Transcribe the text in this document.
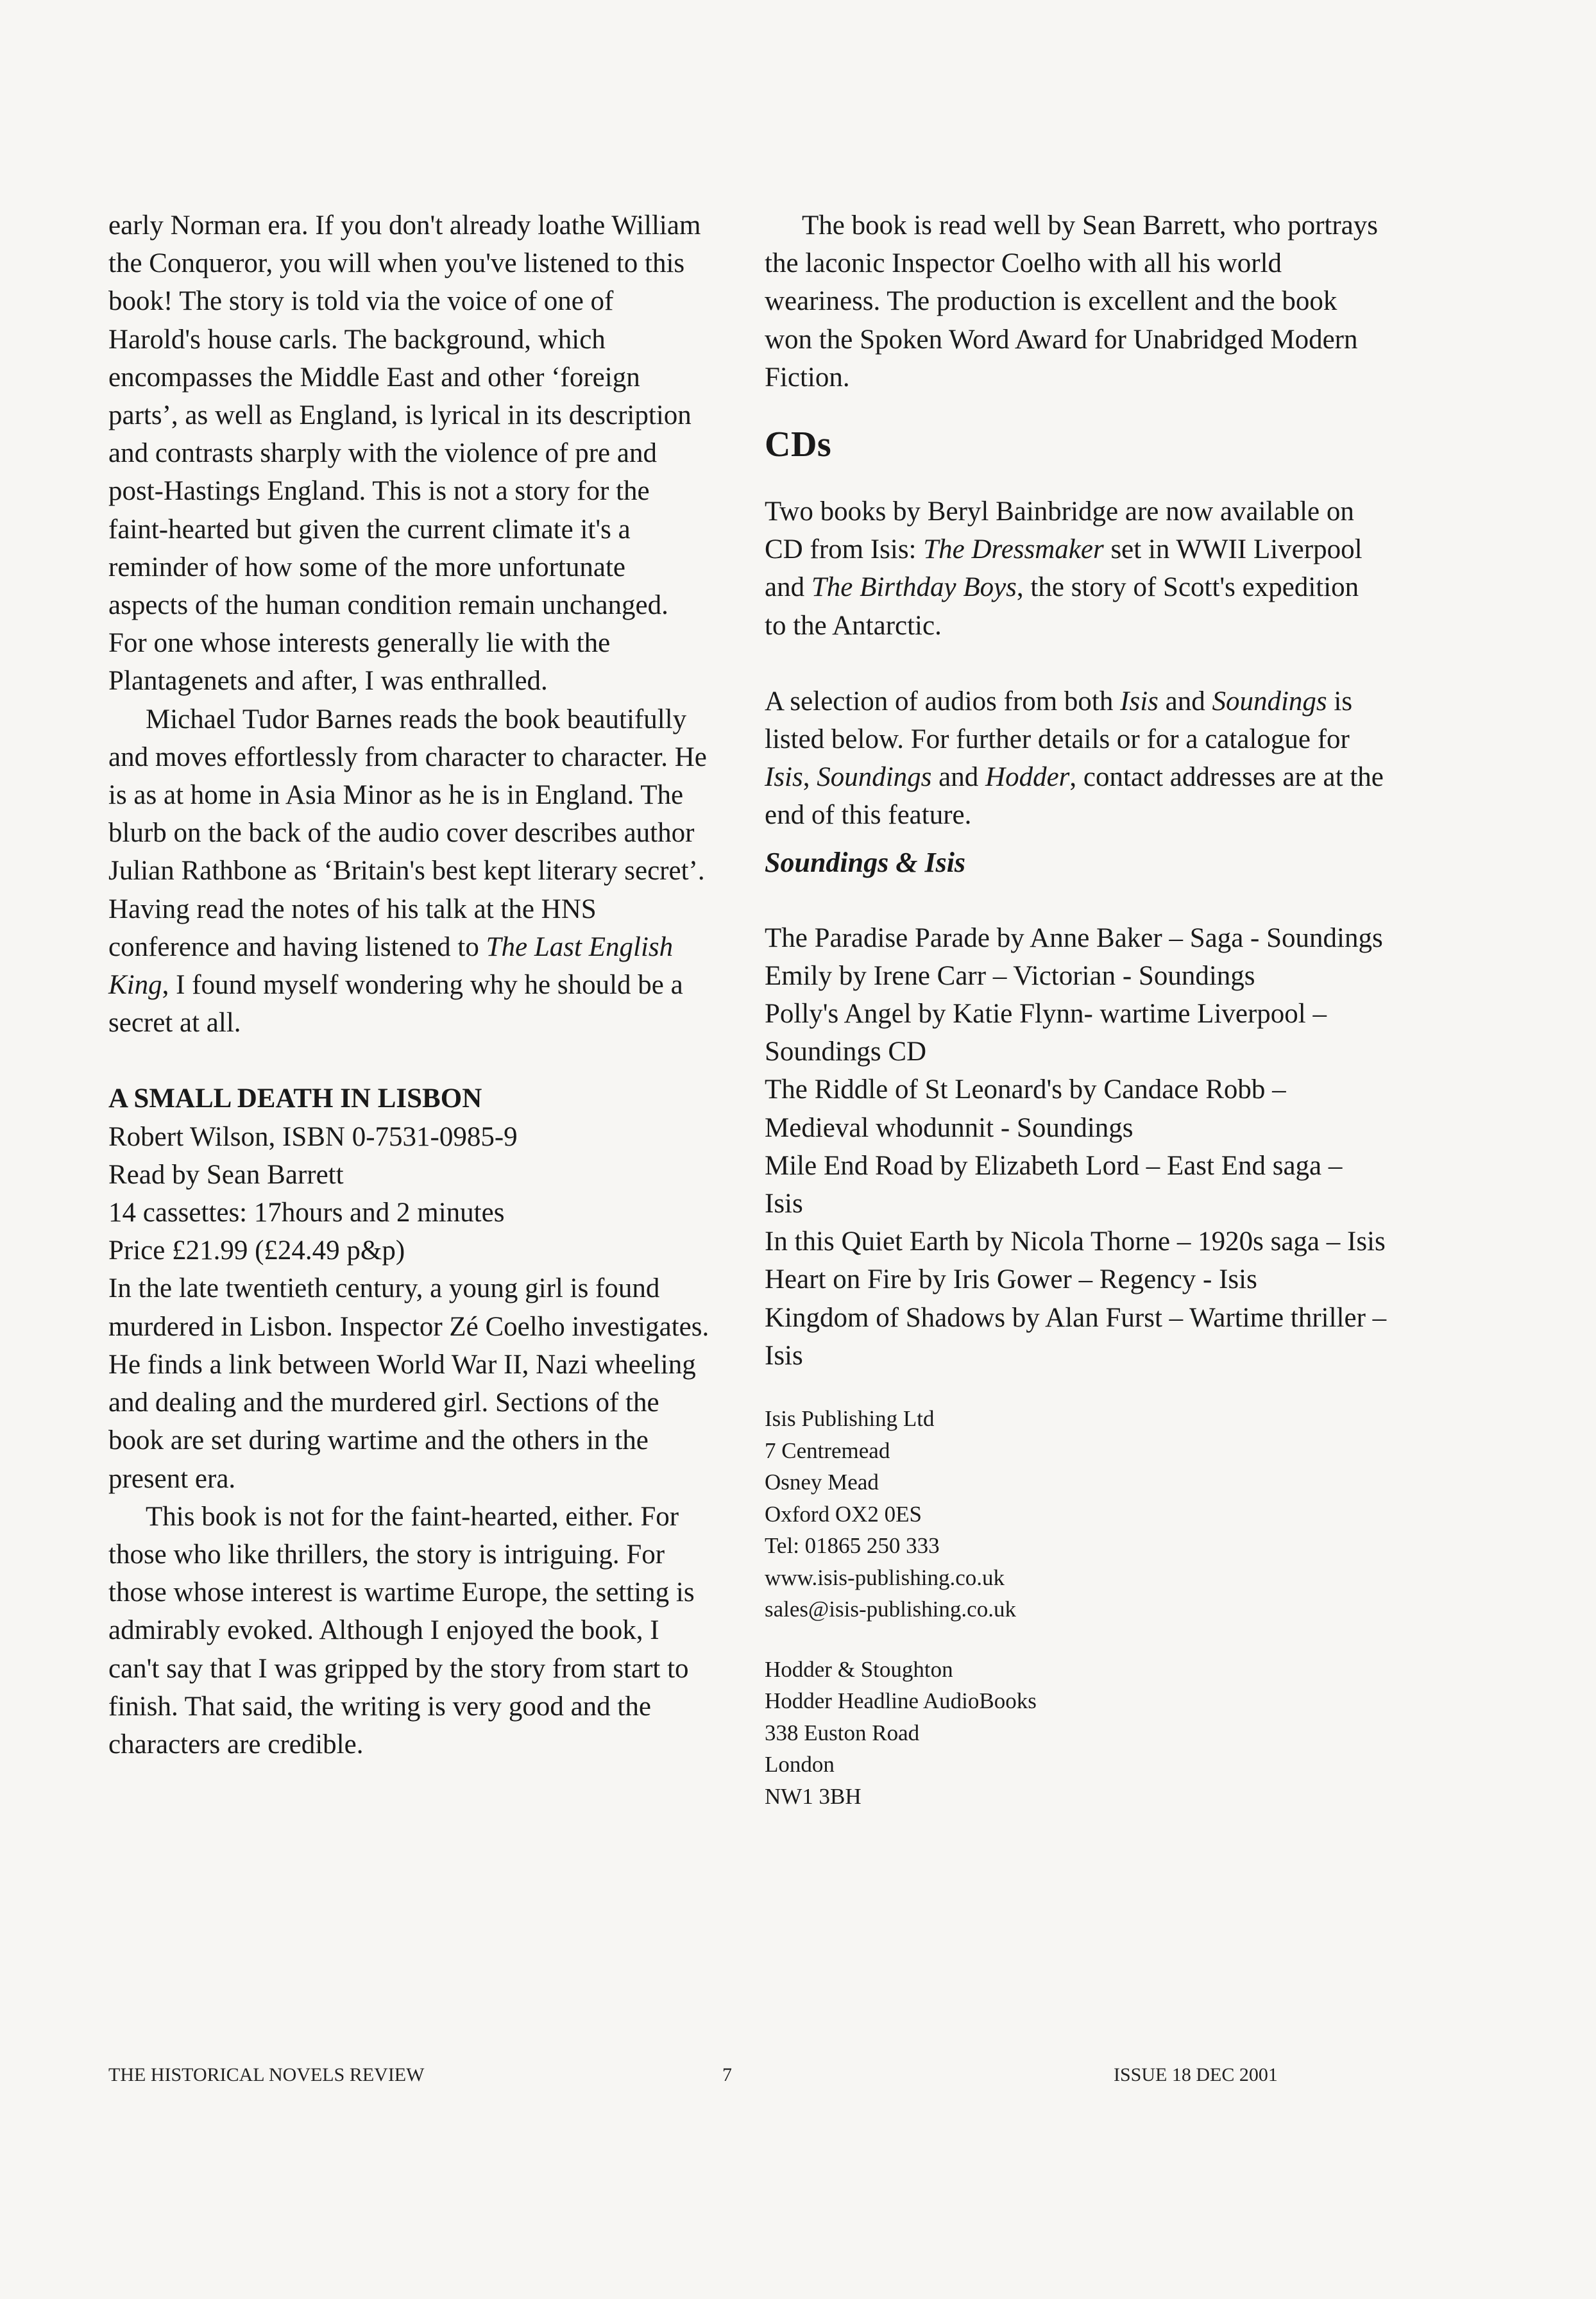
early Norman era. If you don't already loathe William the Conqueror, you will when you've listened to this book! The story is told via the voice of one of Harold's house carls. The background, which encompasses the Middle East and other ‘foreign parts’, as well as England, is lyrical in its description and contrasts sharply with the violence of pre and post-Hastings England. This is not a story for the faint-hearted but given the current climate it's a reminder of how some of the more unfortunate aspects of the human condition remain unchanged. For one whose interests generally lie with the Plantagenets and after, I was enthralled.

Michael Tudor Barnes reads the book beautifully and moves effortlessly from character to character. He is as at home in Asia Minor as he is in England. The blurb on the back of the audio cover describes author Julian Rathbone as ‘Britain's best kept literary secret’. Having read the notes of his talk at the HNS conference and having listened to The Last English King, I found myself wondering why he should be a secret at all.

A SMALL DEATH IN LISBON

Robert Wilson, ISBN 0-7531-0985-9

Read by Sean Barrett

14 cassettes: 17hours and 2 minutes

Price £21.99 (£24.49 p&p)

In the late twentieth century, a young girl is found murdered in Lisbon. Inspector Zé Coelho investigates. He finds a link between World War II, Nazi wheeling and dealing and the murdered girl. Sections of the book are set during wartime and the others in the present era.

This book is not for the faint-hearted, either. For those who like thrillers, the story is intriguing. For those whose interest is wartime Europe, the setting is admirably evoked. Although I enjoyed the book, I can't say that I was gripped by the story from start to finish. That said, the writing is very good and the characters are credible.

The book is read well by Sean Barrett, who portrays the laconic Inspector Coelho with all his world weariness. The production is excellent and the book won the Spoken Word Award for Unabridged Modern Fiction.

CDs

Two books by Beryl Bainbridge are now available on CD from Isis: The Dressmaker set in WWII Liverpool and The Birthday Boys, the story of Scott's expedition to the Antarctic.

A selection of audios from both Isis and Soundings is listed below. For further details or for a catalogue for Isis, Soundings and Hodder, contact addresses are at the end of this feature.

Soundings & Isis

The Paradise Parade by Anne Baker – Saga - Soundings

Emily by Irene Carr – Victorian - Soundings

Polly's Angel by Katie Flynn- wartime Liverpool – Soundings CD

The Riddle of St Leonard's by Candace Robb – Medieval whodunnit - Soundings

Mile End Road by Elizabeth Lord – East End saga – Isis

In this Quiet Earth by Nicola Thorne – 1920s saga – Isis

Heart on Fire by Iris Gower – Regency - Isis

Kingdom of Shadows by Alan Furst – Wartime thriller – Isis

Isis Publishing Ltd

7 Centremead

Osney Mead

Oxford OX2 0ES

Tel: 01865 250 333

www.isis-publishing.co.uk

sales@isis-publishing.co.uk

Hodder & Stoughton

Hodder Headline AudioBooks

338 Euston Road

London

NW1 3BH

THE HISTORICAL NOVELS REVIEW	7	ISSUE 18 DEC 2001
